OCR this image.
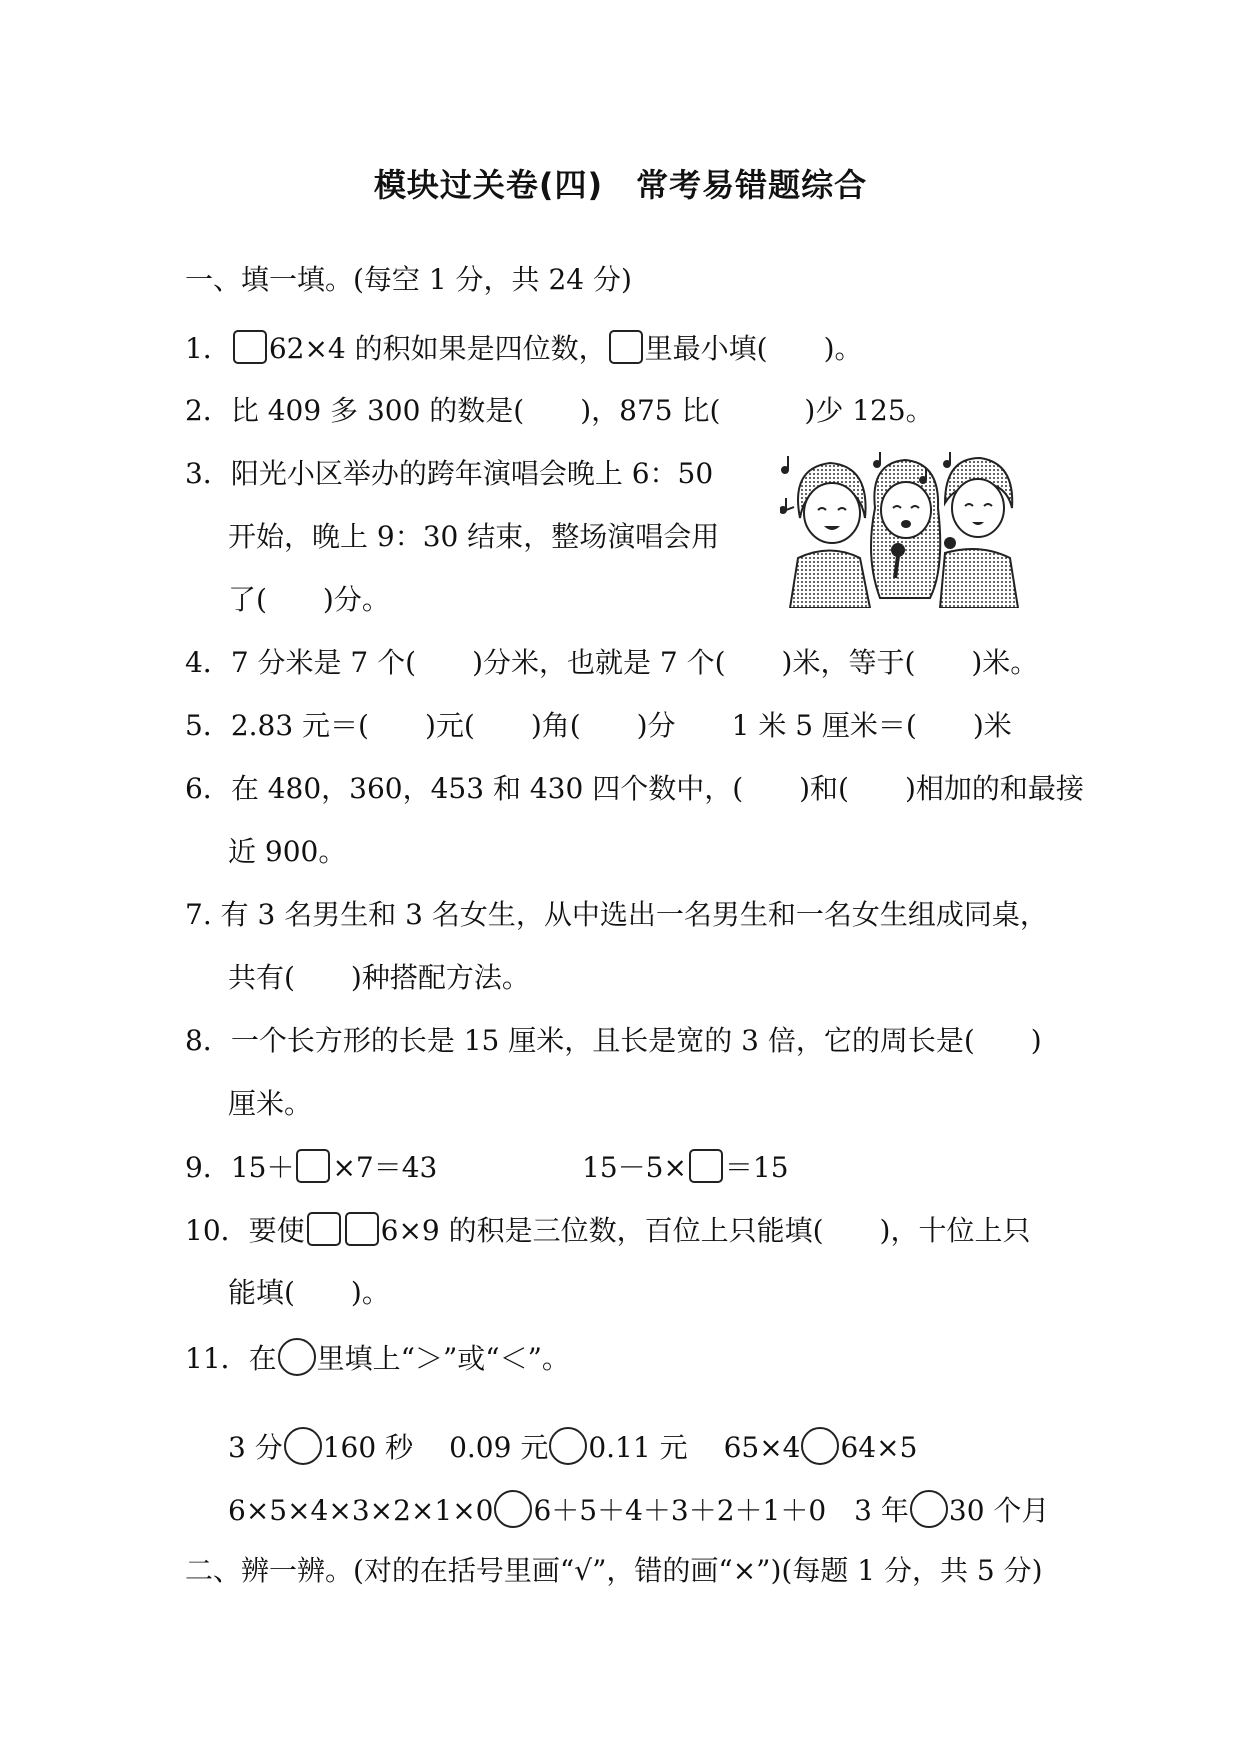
模块过关卷(四)　常考易错题综合
一、填一填。(每空 1 分，共 24 分)
1． 62×4 的积如果是四位数， 里最小填(　　)。
2．比 409 多 300 的数是(　　)，875 比(　　　)少 125。
3．阳光小区举办的跨年演唱会晚上 6：50
开始，晚上 9：30 结束，整场演唱会用
了(　　)分。
4．7 分米是 7 个(　　)分米，也就是 7 个(　　)米，等于(　　)米。
5．2.83 元＝(　　)元(　　)角(　　)分　　1 米 5 厘米＝(　　)米
6．在 480，360，453 和 430 四个数中，(　　)和(　　)相加的和最接
近 900。
7. 有 3 名男生和 3 名女生，从中选出一名男生和一名女生组成同桌，
共有(　　)种搭配方法。
8．一个长方形的长是 15 厘米，且长是宽的 3 倍，它的周长是(　　)
厘米。
9．15＋ ×7＝43	15－5× ＝15
10．要使	6×9 的积是三位数，百位上只能填(　　)，十位上只
能填(　　)。
11．在 里填上“＞”或“＜”。
3 分 160 秒 0.09 元 0.11 元 65×4 64×5
6×5×4×3×2×1×0 6＋5＋4＋3＋2＋1＋0 3 年 30 个月
二、辨一辨。(对的在括号里画“√”，错的画“×”)(每题 1 分，共 5 分)
